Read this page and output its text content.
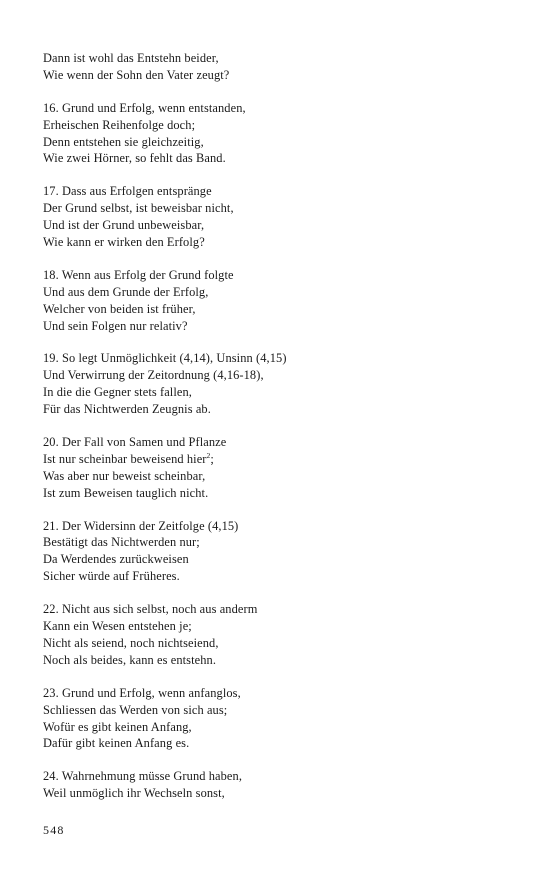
Dann ist wohl das Entstehn beider,
Wie wenn der Sohn den Vater zeugt?
16. Grund und Erfolg, wenn entstanden,
Erheischen Reihenfolge doch;
Denn entstehen sie gleichzeitig,
Wie zwei Hörner, so fehlt das Band.
17. Dass aus Erfolgen entspränge
Der Grund selbst, ist beweisbar nicht,
Und ist der Grund unbeweisbar,
Wie kann er wirken den Erfolg?
18. Wenn aus Erfolg der Grund folgte
Und aus dem Grunde der Erfolg,
Welcher von beiden ist früher,
Und sein Folgen nur relativ?
19. So legt Unmöglichkeit (4,14), Unsinn (4,15)
Und Verwirrung der Zeitordnung (4,16-18),
In die die Gegner stets fallen,
Für das Nichtwerden Zeugnis ab.
20. Der Fall von Samen und Pflanze
Ist nur scheinbar beweisend hier$^2$;
Was aber nur beweist scheinbar,
Ist zum Beweisen tauglich nicht.
21. Der Widersinn der Zeitfolge (4,15)
Bestätigt das Nichtwerden nur;
Da Werdendes zurückweisen
Sicher würde auf Früheres.
22. Nicht aus sich selbst, noch aus anderm
Kann ein Wesen entstehen je;
Nicht als seiend, noch nichtseiend,
Noch als beides, kann es entstehn.
23. Grund und Erfolg, wenn anfanglos,
Schliessen das Werden von sich aus;
Wofür es gibt keinen Anfang,
Dafür gibt keinen Anfang es.
24. Wahrnehmung müsse Grund haben,
Weil unmöglich ihr Wechseln sonst,
548
